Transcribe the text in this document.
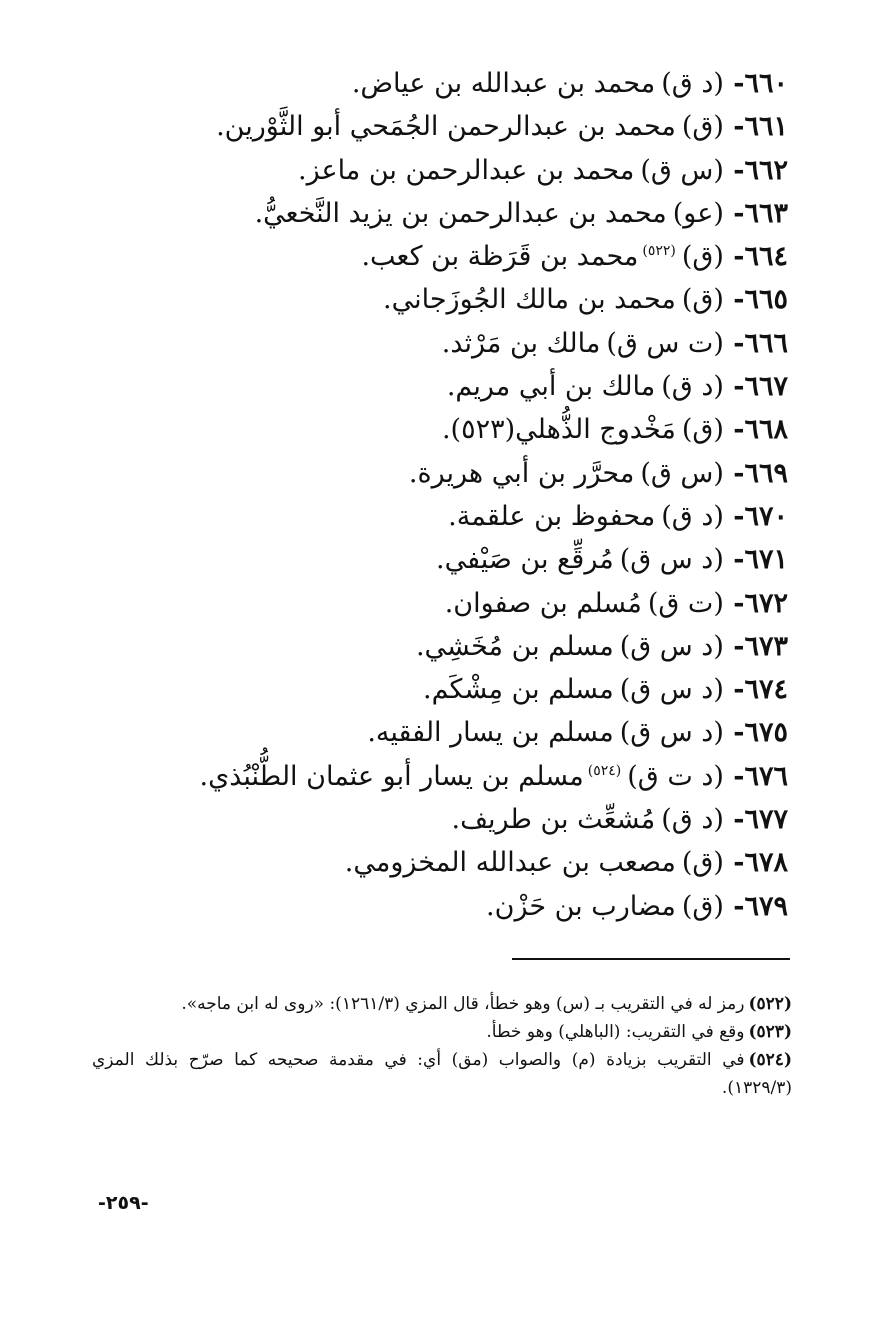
٦٦٠- (د ق)محمد بن عبدالله بن عياض.
٦٦١- (ق)محمد بن عبدالرحمن الجُمَحي أبو الثَّوْرين.
٦٦٢- (س ق)محمد بن عبدالرحمن بن ماعز.
٦٦٣- (عو)محمد بن عبدالرحمن بن يزيد النَّخعيُّ.
٦٦٤- (ق)$^{(٥٢٢)}$محمد بن قَرَظة بن كعب.
٦٦٥- (ق)محمد بن مالك الجُوزَجاني.
٦٦٦- (ت س ق)مالك بن مَرْثد.
٦٦٧- (د ق)مالك بن أبي مريم.
٦٦٨- (ق)مَخْدوج الذُّهلي(٥٢٣).
٦٦٩- (س ق)محرَّر بن أبي هريرة.
٦٧٠- (د ق)محفوظ بن علقمة.
٦٧١- (د س ق)مُرقِّع بن صَيْفي.
٦٧٢- (ت ق)مُسلم بن صفوان.
٦٧٣- (د س ق)مسلم بن مُخَشِي.
٦٧٤- (د س ق)مسلم بن مِشْكَم.
٦٧٥- (د س ق)مسلم بن يسار الفقيه.
٦٧٦- (د ت ق)$^{(٥٢٤)}$مسلم بن يسار أبو عثمان الطُّنْبُذي.
٦٧٧- (د ق)مُشعِّث بن طريف.
٦٧٨- (ق)مصعب بن عبدالله المخزومي.
٦٧٩- (ق)مضارب بن حَزْن.

(٥٢٢)رمز له في التقريب بـ (س) وهو خطأ، قال المزي (١٢٦١/٣): «روى له ابن ماجه».

(٥٢٣)وقع في التقريب: (الباهلي) وهو خطأ.

(٥٢٤)في التقريب بزيادة (م) والصواب (مق) أي: في مقدمة صحيحه كما صرّح بذلك المزي (١٣٢٩/٣).

-٢٥٩-
